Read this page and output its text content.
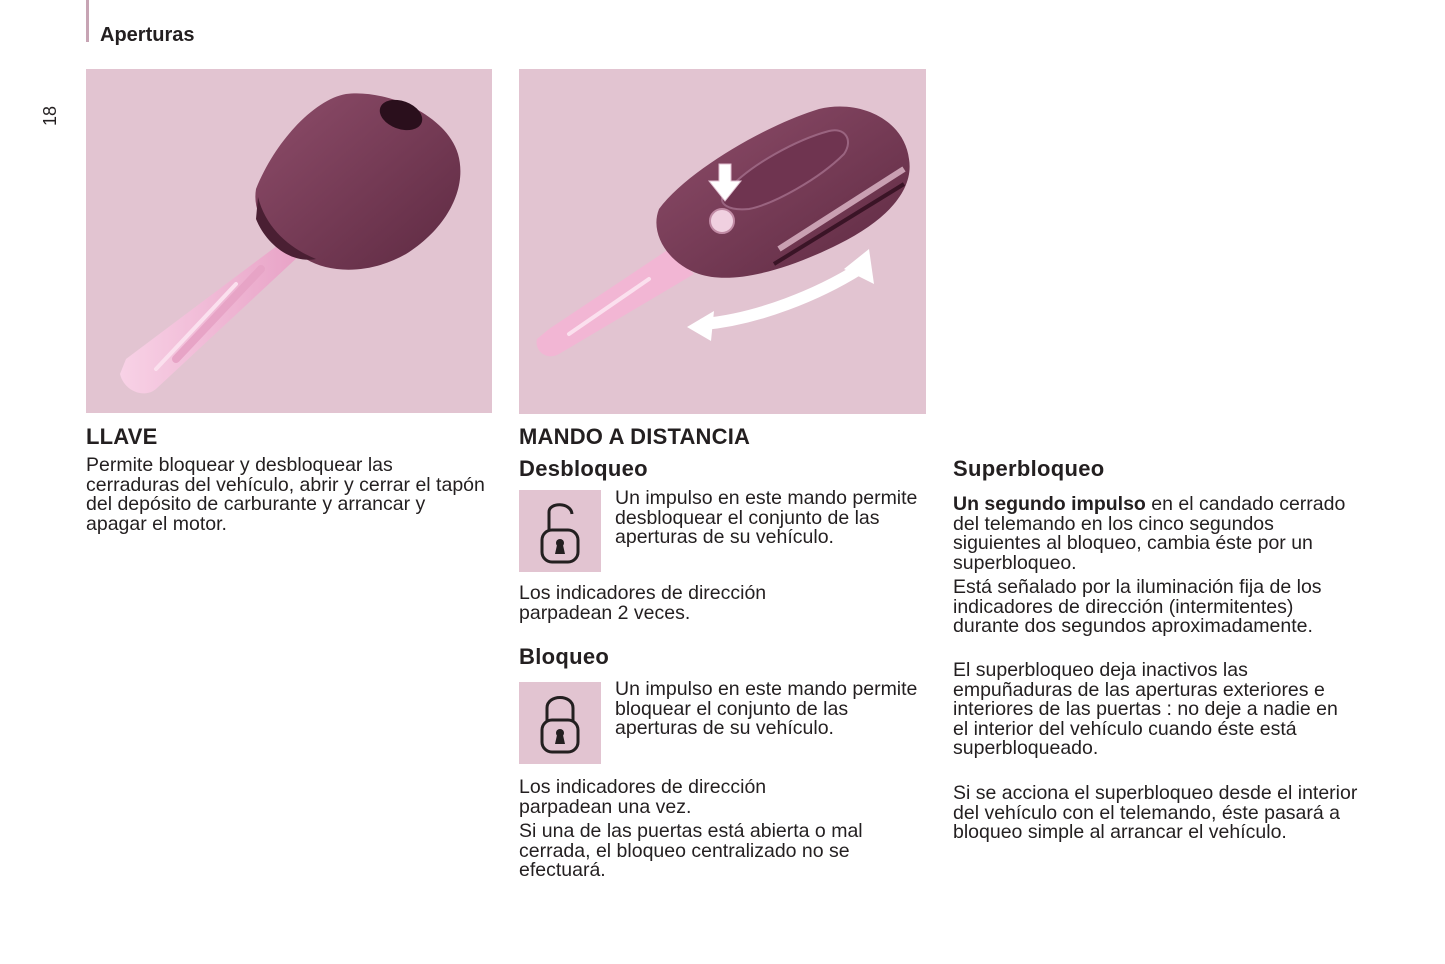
Aperturas
18
LLAVE

Permite bloquear y desbloquear las cerraduras del vehículo, abrir y cerrar el tapón del depósito de carburante y arrancar y apagar el motor.

MANDO A DISTANCIA
Desbloqueo

Un impulso en este mando permite desbloquear el conjunto de las aperturas de su vehículo.

Los indicadores de dirección parpadean 2 veces.

Bloqueo

Un impulso en este mando permite bloquear el conjunto de las aperturas de su vehículo.

Los indicadores de dirección parpadean una vez.

Si una de las puertas está abierta o mal cerrada, el bloqueo centralizado no se efectuará.

Superbloqueo

Un segundo impulso en el candado cerrado del telemando en los cinco segundos siguientes al bloqueo, cambia éste por un superbloqueo.

Está señalado por la iluminación fija de los indicadores de dirección (intermitentes) durante dos segundos aproximadamente.

El superbloqueo deja inactivos las empuñaduras de las aperturas exteriores e interiores de las puertas : no deje a nadie en el interior del vehículo cuando éste está superbloqueado.

Si se acciona el superbloqueo desde el interior del vehículo con el telemando, éste pasará a bloqueo simple al arrancar el vehículo.
